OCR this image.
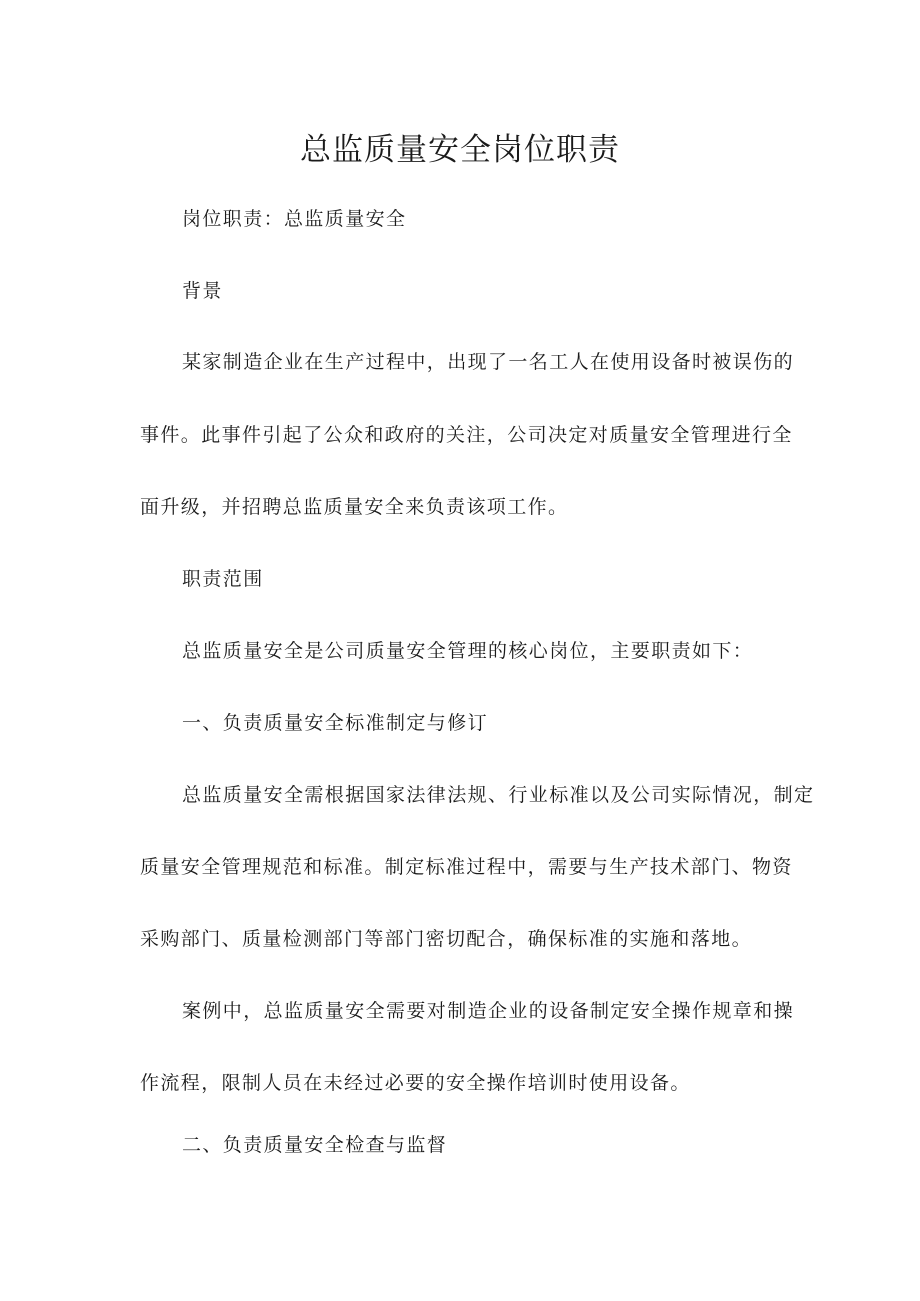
总监质量安全岗位职责

岗位职责：总监质量安全

背景

某家制造企业在生产过程中，出现了一名工人在使用设备时被误伤的

事件。此事件引起了公众和政府的关注，公司决定对质量安全管理进行全

面升级，并招聘总监质量安全来负责该项工作。

职责范围

总监质量安全是公司质量安全管理的核心岗位，主要职责如下：

一、负责质量安全标准制定与修订

总监质量安全需根据国家法律法规、行业标准以及公司实际情况，制定

质量安全管理规范和标准。制定标准过程中，需要与生产技术部门、物资

采购部门、质量检测部门等部门密切配合，确保标准的实施和落地。

案例中，总监质量安全需要对制造企业的设备制定安全操作规章和操

作流程，限制人员在未经过必要的安全操作培训时使用设备。

二、负责质量安全检查与监督
